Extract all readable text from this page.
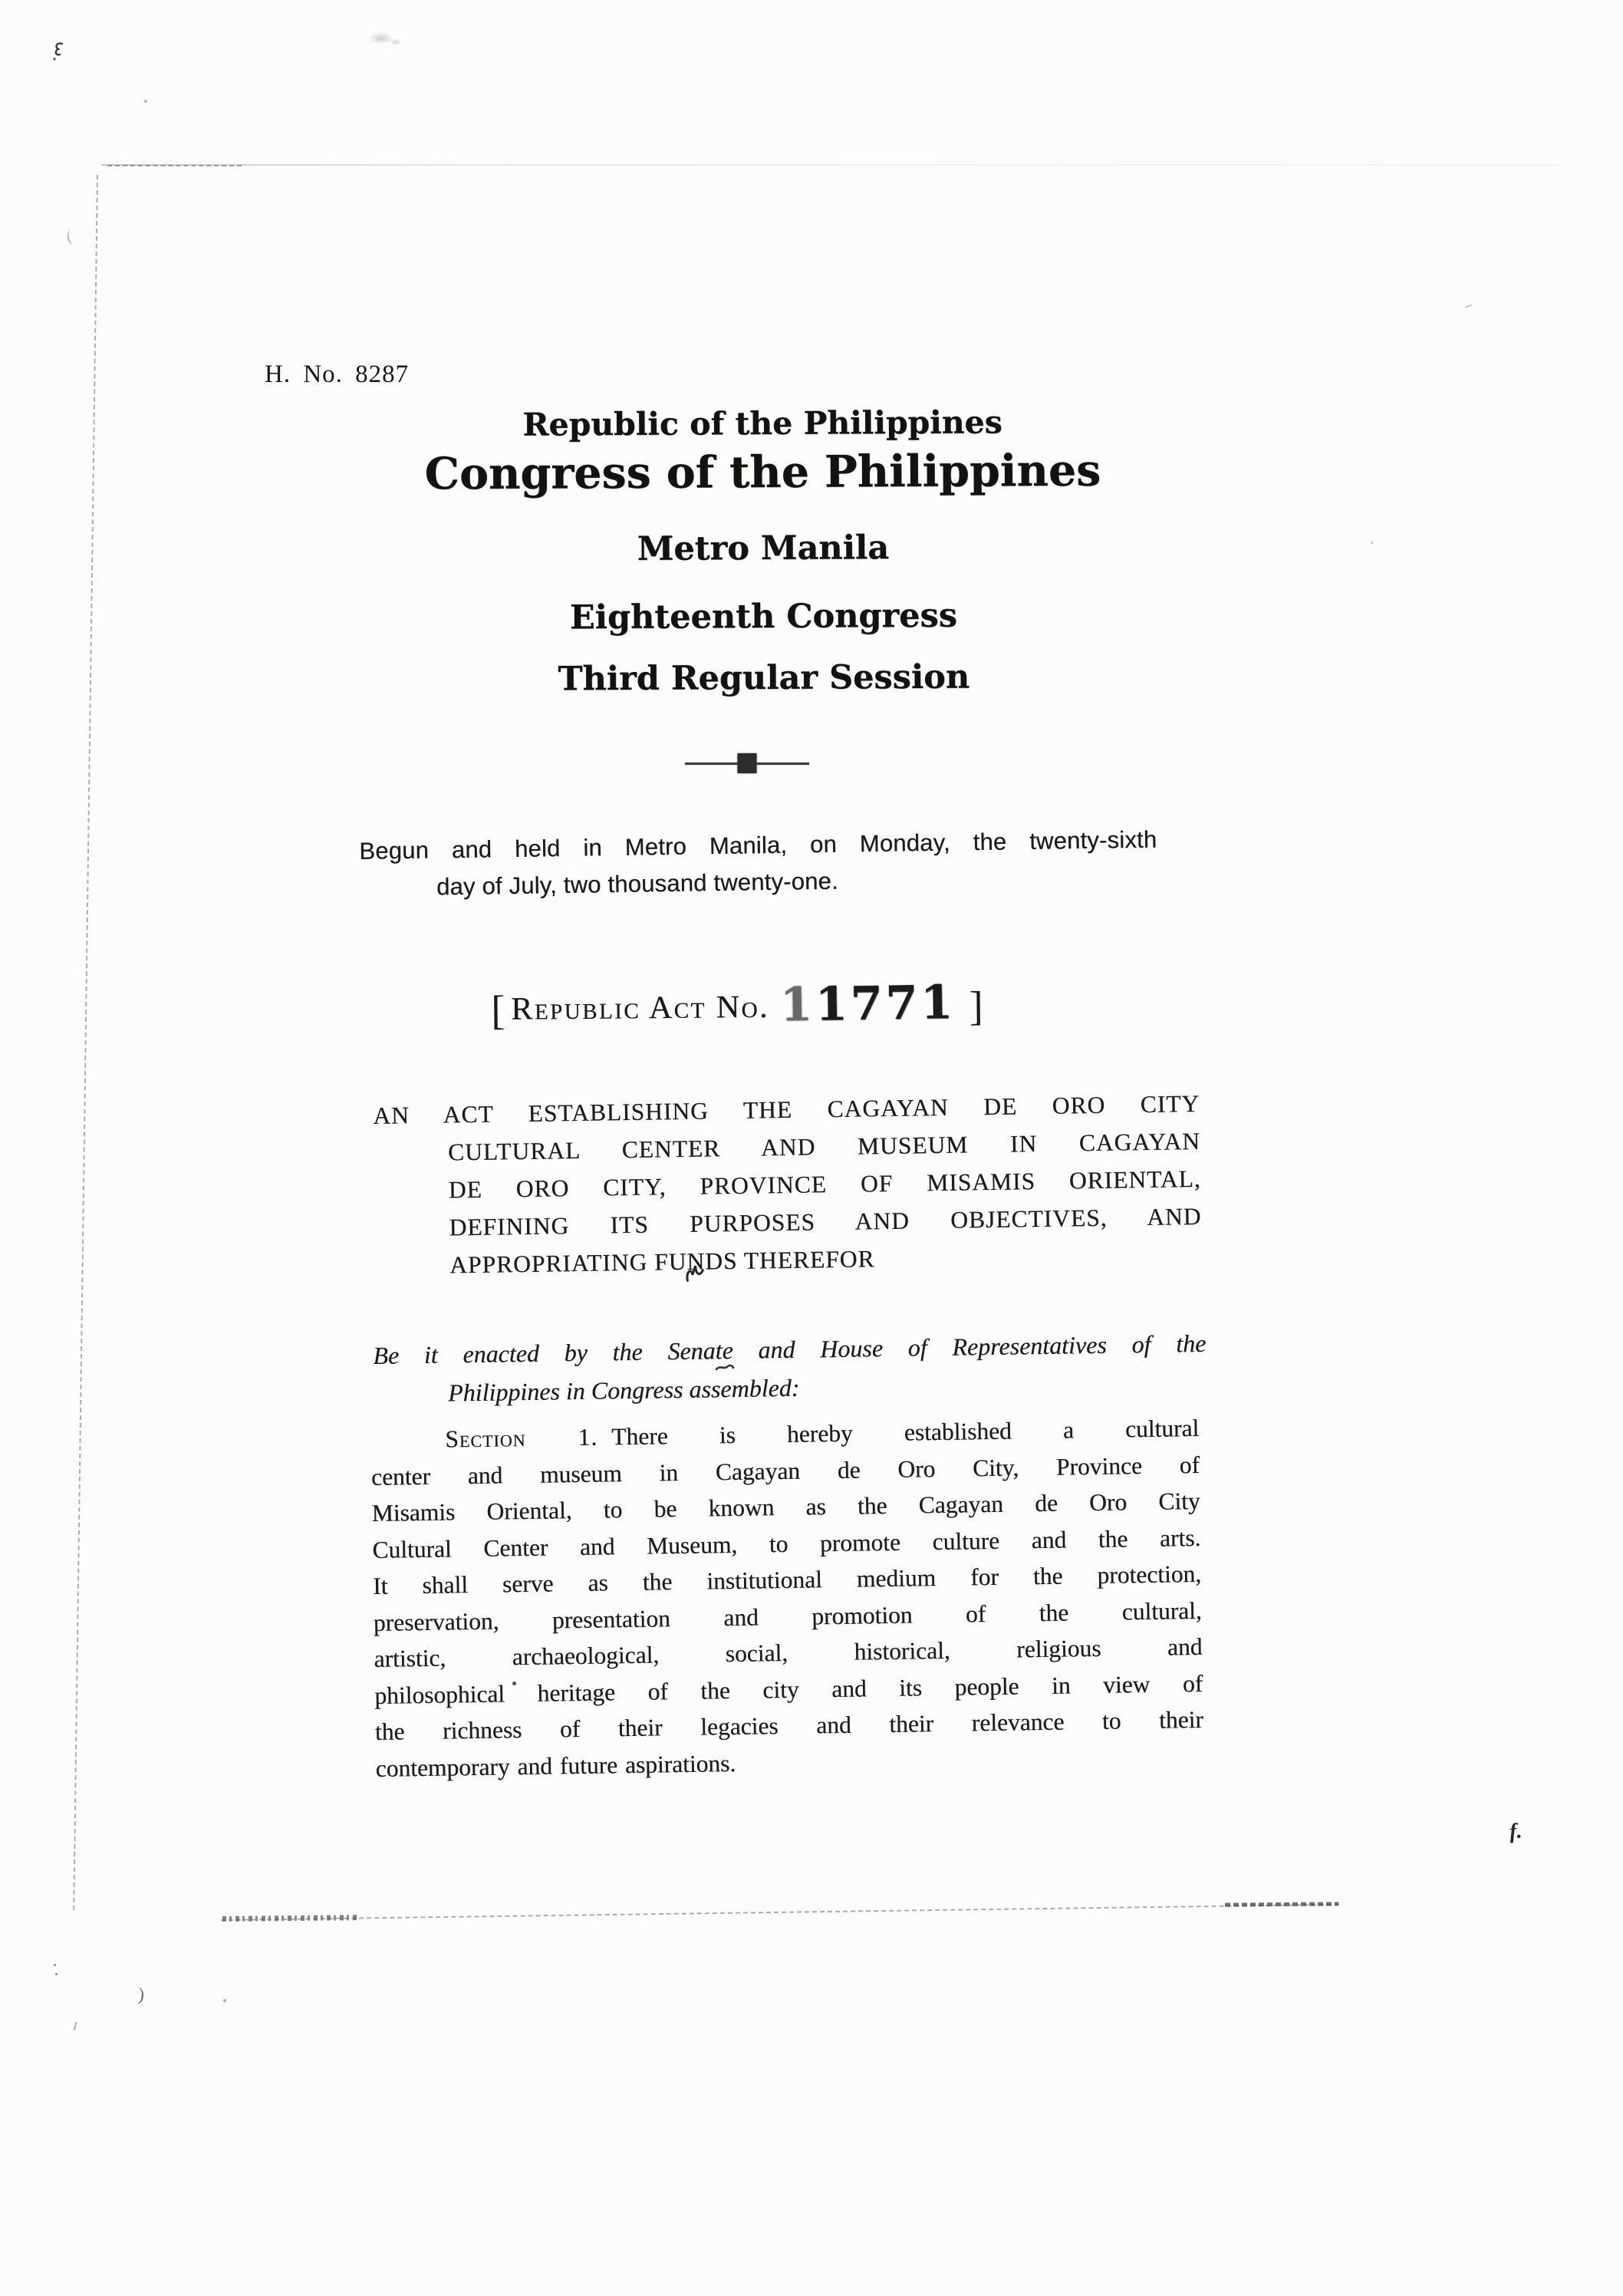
f.
)
H. No. 8287
Republic of the Philippines
Congress of the Philippines
Metro Manila
Eighteenth Congress
Third Regular Session
Begun and held in Metro Manila, on Monday, the twenty-sixth
day of July, two thousand twenty-one.
[ Republic Act No. 11771 ]
AN ACT ESTABLISHING THE CAGAYAN DE ORO CITY
CULTURAL CENTER AND MUSEUM IN CAGAYAN
DE ORO CITY, PROVINCE OF MISAMIS ORIENTAL,
DEFINING ITS PURPOSES AND OBJECTIVES, AND
APPROPRIATING FUNDS THEREFOR
Be it enacted by the Senate and House of Representatives of the
Philippines in Congress assembled:
Section 1. There is hereby established a cultural
center and museum in Cagayan de Oro City, Province of
Misamis Oriental, to be known as the Cagayan de Oro City
Cultural Center and Museum, to promote culture and the arts.
It shall serve as the institutional medium for the protection,
preservation, presentation and promotion of the cultural,
artistic, archaeological, social, historical, religious and
philosophical heritage of the city and its people in view of
the richness of their legacies and their relevance to their
contemporary and future aspirations.
